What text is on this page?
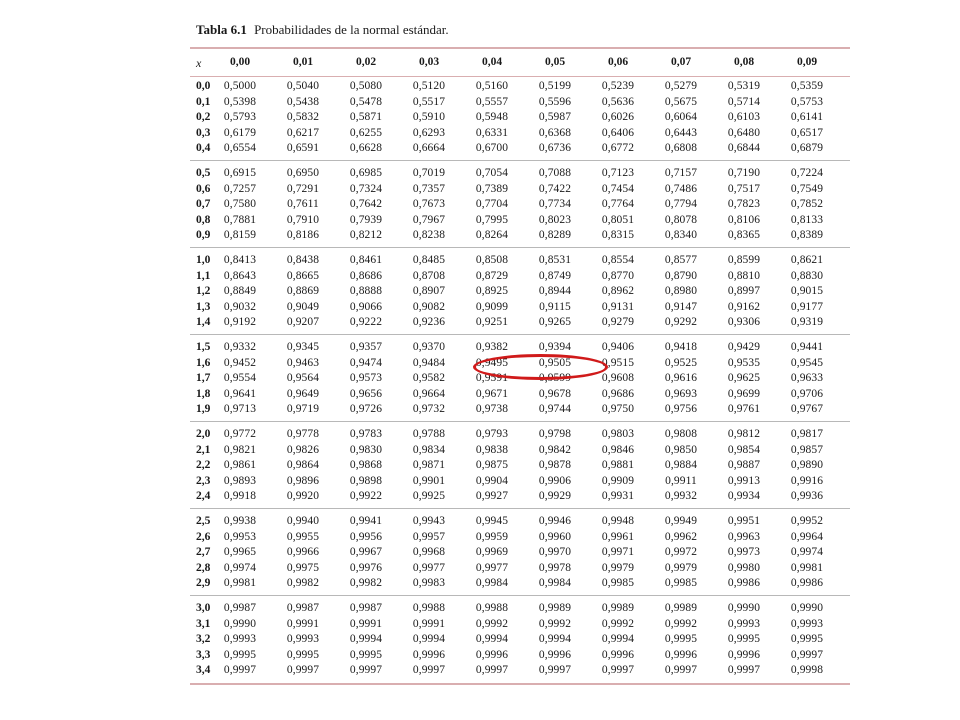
Tabla 6.1 Probabilidades de la normal estándar.
x	0,00	0,01	0,02	0,03	0,04	0,05	0,06	0,07	0,08	0,09
0,0	0,5000	0,5040	0,5080	0,5120	0,5160	0,5199	0,5239	0,5279	0,5319	0,5359
0,1	0,5398	0,5438	0,5478	0,5517	0,5557	0,5596	0,5636	0,5675	0,5714	0,5753
0,2	0,5793	0,5832	0,5871	0,5910	0,5948	0,5987	0,6026	0,6064	0,6103	0,6141
0,3	0,6179	0,6217	0,6255	0,6293	0,6331	0,6368	0,6406	0,6443	0,6480	0,6517
0,4	0,6554	0,6591	0,6628	0,6664	0,6700	0,6736	0,6772	0,6808	0,6844	0,6879
0,5	0,6915	0,6950	0,6985	0,7019	0,7054	0,7088	0,7123	0,7157	0,7190	0,7224
0,6	0,7257	0,7291	0,7324	0,7357	0,7389	0,7422	0,7454	0,7486	0,7517	0,7549
0,7	0,7580	0,7611	0,7642	0,7673	0,7704	0,7734	0,7764	0,7794	0,7823	0,7852
0,8	0,7881	0,7910	0,7939	0,7967	0,7995	0,8023	0,8051	0,8078	0,8106	0,8133
0,9	0,8159	0,8186	0,8212	0,8238	0,8264	0,8289	0,8315	0,8340	0,8365	0,8389
1,0	0,8413	0,8438	0,8461	0,8485	0,8508	0,8531	0,8554	0,8577	0,8599	0,8621
1,1	0,8643	0,8665	0,8686	0,8708	0,8729	0,8749	0,8770	0,8790	0,8810	0,8830
1,2	0,8849	0,8869	0,8888	0,8907	0,8925	0,8944	0,8962	0,8980	0,8997	0,9015
1,3	0,9032	0,9049	0,9066	0,9082	0,9099	0,9115	0,9131	0,9147	0,9162	0,9177
1,4	0,9192	0,9207	0,9222	0,9236	0,9251	0,9265	0,9279	0,9292	0,9306	0,9319
1,5	0,9332	0,9345	0,9357	0,9370	0,9382	0,9394	0,9406	0,9418	0,9429	0,9441
1,6	0,9452	0,9463	0,9474	0,9484	0,9495	0,9505	0,9515	0,9525	0,9535	0,9545
1,7	0,9554	0,9564	0,9573	0,9582	0,9591	0,9599	0,9608	0,9616	0,9625	0,9633
1,8	0,9641	0,9649	0,9656	0,9664	0,9671	0,9678	0,9686	0,9693	0,9699	0,9706
1,9	0,9713	0,9719	0,9726	0,9732	0,9738	0,9744	0,9750	0,9756	0,9761	0,9767
2,0	0,9772	0,9778	0,9783	0,9788	0,9793	0,9798	0,9803	0,9808	0,9812	0,9817
2,1	0,9821	0,9826	0,9830	0,9834	0,9838	0,9842	0,9846	0,9850	0,9854	0,9857
2,2	0,9861	0,9864	0,9868	0,9871	0,9875	0,9878	0,9881	0,9884	0,9887	0,9890
2,3	0,9893	0,9896	0,9898	0,9901	0,9904	0,9906	0,9909	0,9911	0,9913	0,9916
2,4	0,9918	0,9920	0,9922	0,9925	0,9927	0,9929	0,9931	0,9932	0,9934	0,9936
2,5	0,9938	0,9940	0,9941	0,9943	0,9945	0,9946	0,9948	0,9949	0,9951	0,9952
2,6	0,9953	0,9955	0,9956	0,9957	0,9959	0,9960	0,9961	0,9962	0,9963	0,9964
2,7	0,9965	0,9966	0,9967	0,9968	0,9969	0,9970	0,9971	0,9972	0,9973	0,9974
2,8	0,9974	0,9975	0,9976	0,9977	0,9977	0,9978	0,9979	0,9979	0,9980	0,9981
2,9	0,9981	0,9982	0,9982	0,9983	0,9984	0,9984	0,9985	0,9985	0,9986	0,9986
3,0	0,9987	0,9987	0,9987	0,9988	0,9988	0,9989	0,9989	0,9989	0,9990	0,9990
3,1	0,9990	0,9991	0,9991	0,9991	0,9992	0,9992	0,9992	0,9992	0,9993	0,9993
3,2	0,9993	0,9993	0,9994	0,9994	0,9994	0,9994	0,9994	0,9995	0,9995	0,9995
3,3	0,9995	0,9995	0,9995	0,9996	0,9996	0,9996	0,9996	0,9996	0,9996	0,9997
3,4	0,9997	0,9997	0,9997	0,9997	0,9997	0,9997	0,9997	0,9997	0,9997	0,9998
